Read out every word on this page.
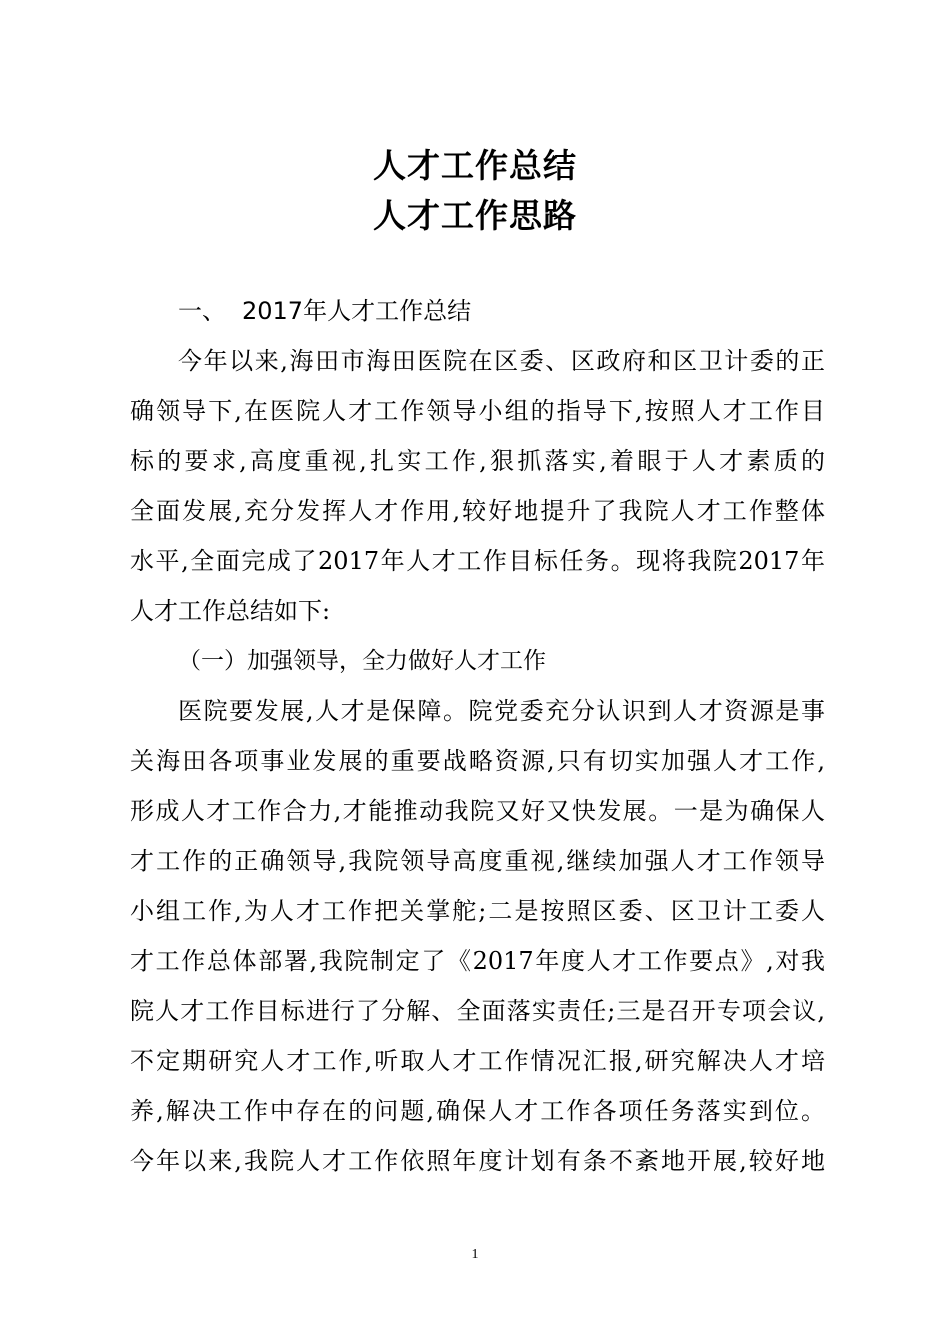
人才工作总结
人才工作思路
一、 2017年人才工作总结
今年以来,海田市海田医院在区委、区政府和区卫计委的正
确领导下,在医院人才工作领导小组的指导下,按照人才工作目
标的要求,高度重视,扎实工作,狠抓落实,着眼于人才素质的
全面发展,充分发挥人才作用,较好地提升了我院人才工作整体
水平,全面完成了2017年人才工作目标任务。现将我院2017年
人才工作总结如下:
（一）加强领导，全力做好人才工作
医院要发展,人才是保障。院党委充分认识到人才资源是事
关海田各项事业发展的重要战略资源,只有切实加强人才工作,
形成人才工作合力,才能推动我院又好又快发展。一是为确保人
才工作的正确领导,我院领导高度重视,继续加强人才工作领导
小组工作,为人才工作把关掌舵;二是按照区委、区卫计工委人
才工作总体部署,我院制定了《2017年度人才工作要点》,对我
院人才工作目标进行了分解、全面落实责任;三是召开专项会议,
不定期研究人才工作,听取人才工作情况汇报,研究解决人才培
养,解决工作中存在的问题,确保人才工作各项任务落实到位。
今年以来,我院人才工作依照年度计划有条不紊地开展,较好地
1
